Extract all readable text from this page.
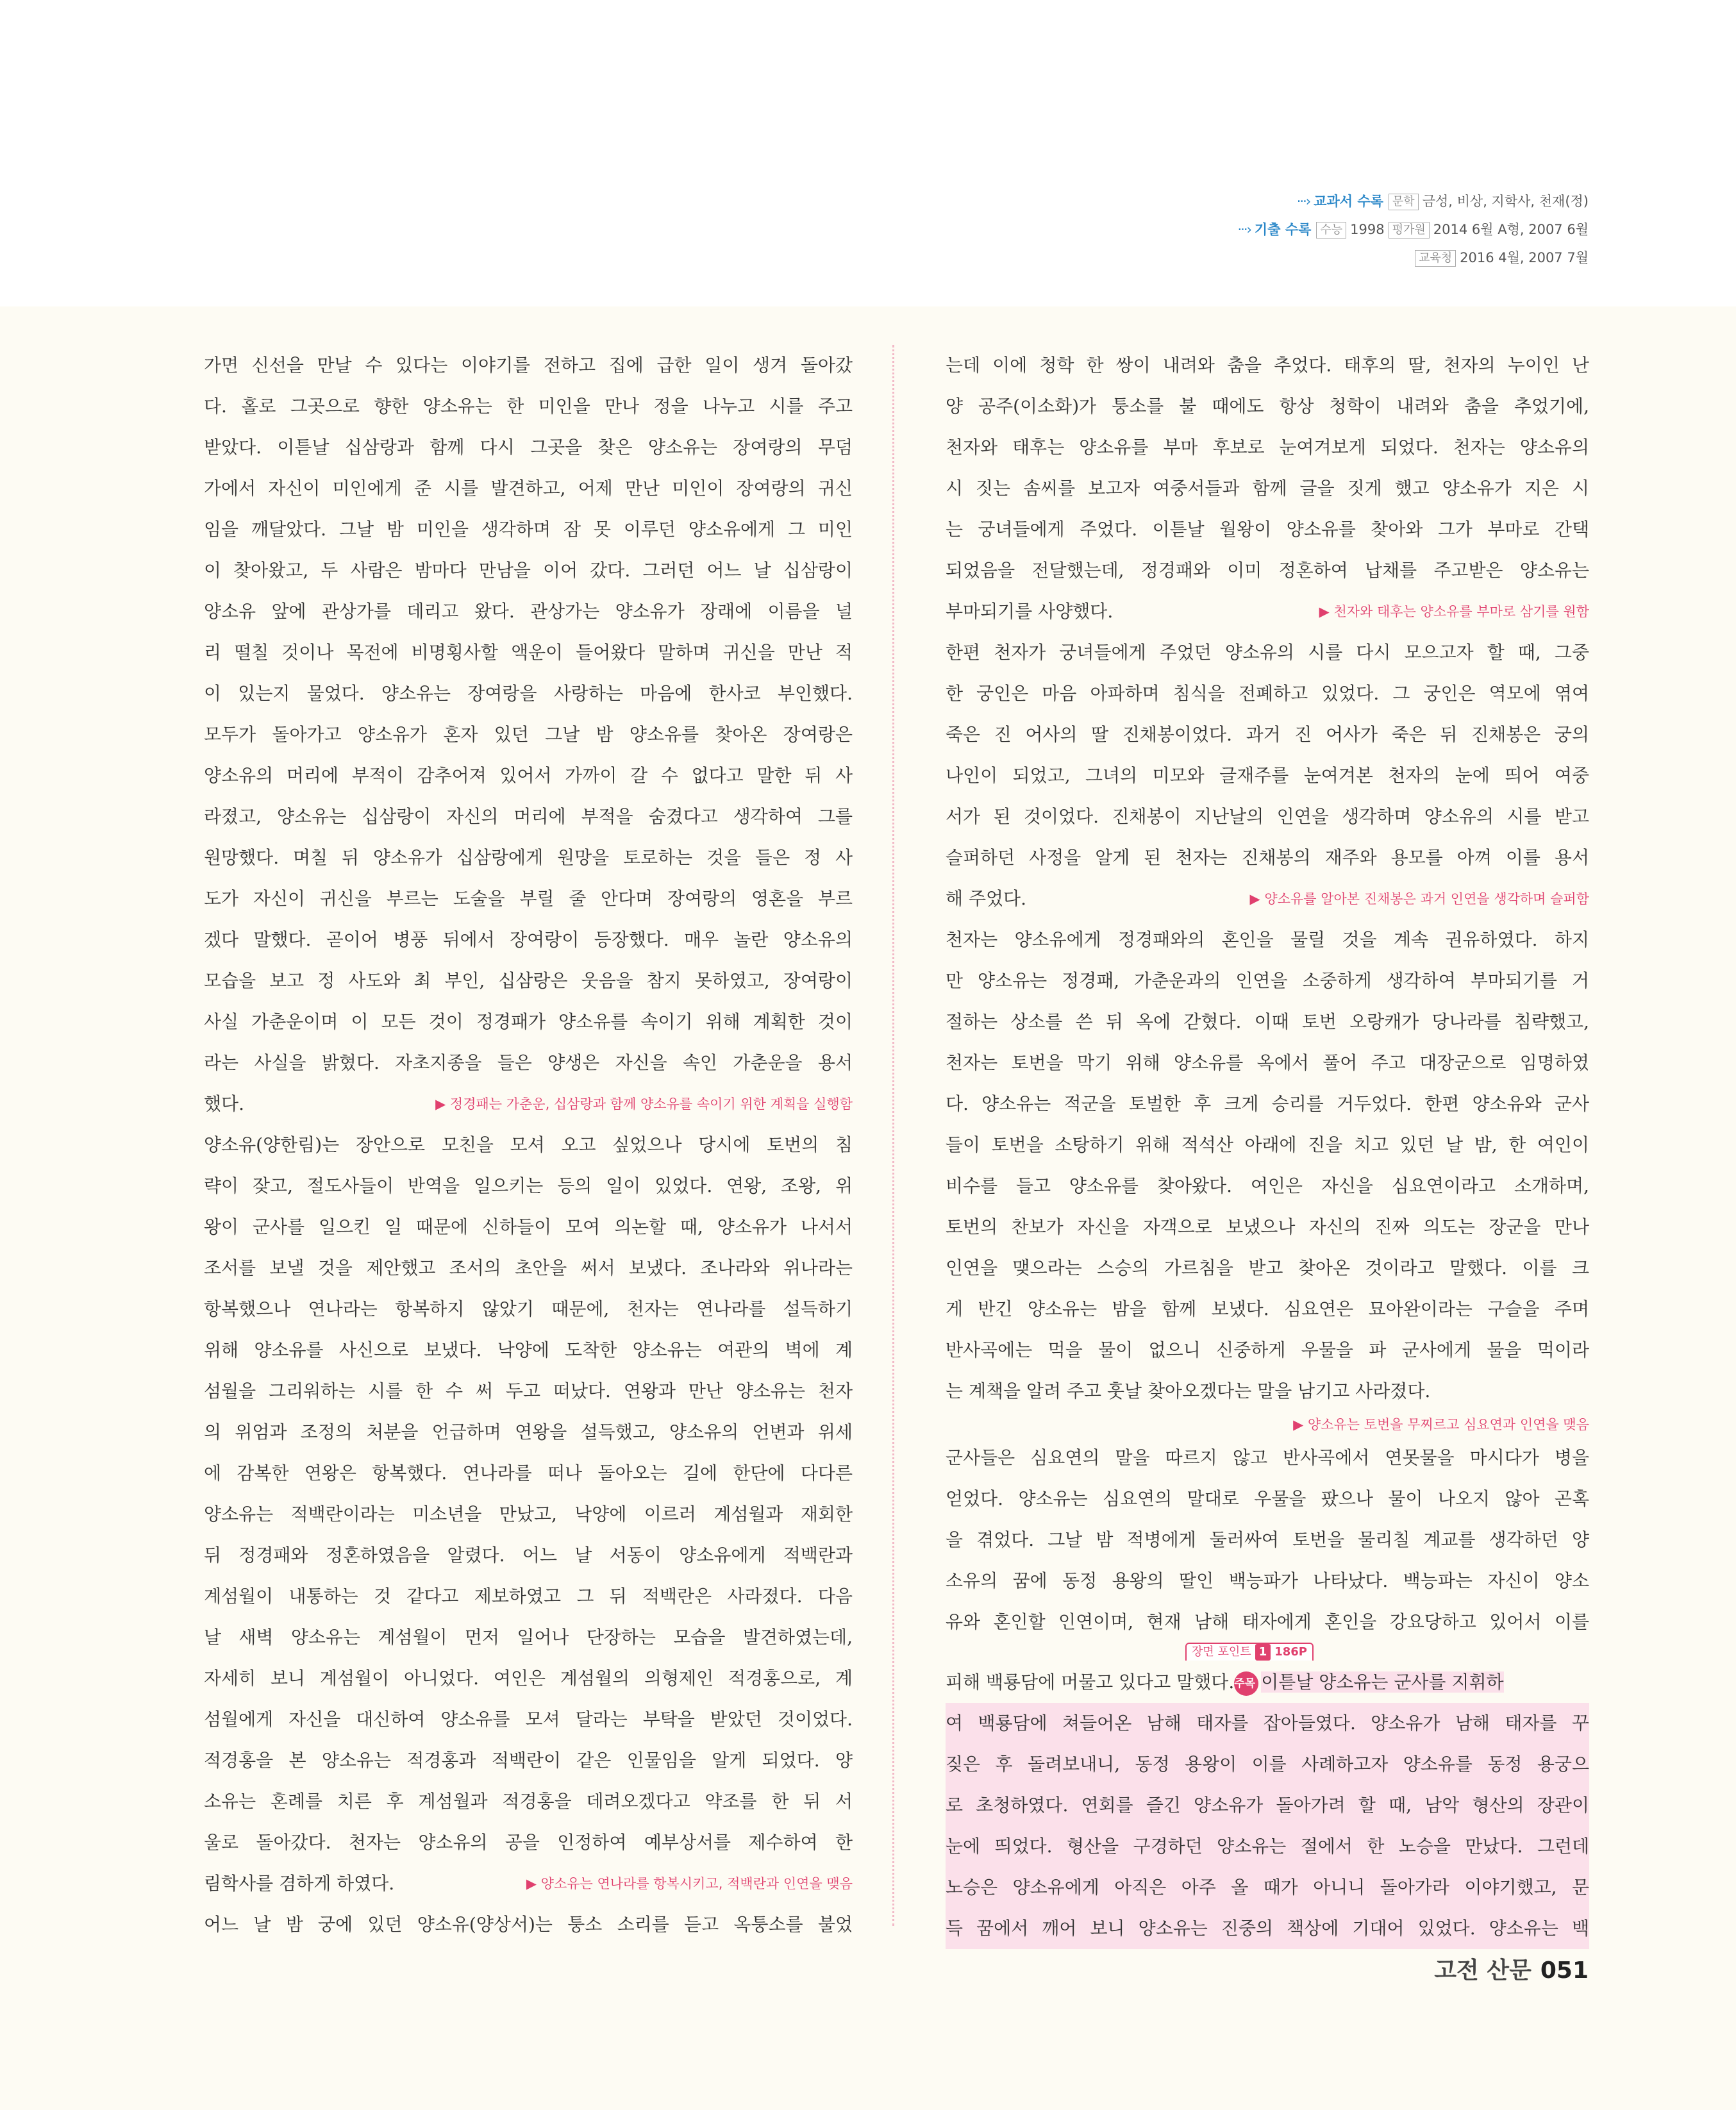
···› 교과서 수록 문학 금성, 비상, 지학사, 천재(정)
···› 기출 수록 수능 1998 평가원 2014 6월 A형, 2007 6월
교육청 2016 4월, 2007 7월
가면 신선을 만날 수 있다는 이야기를 전하고 집에 급한 일이 생겨 돌아갔
다. 홀로 그곳으로 향한 양소유는 한 미인을 만나 정을 나누고 시를 주고
받았다. 이튿날 십삼랑과 함께 다시 그곳을 찾은 양소유는 장여랑의 무덤
가에서 자신이 미인에게 준 시를 발견하고, 어제 만난 미인이 장여랑의 귀신
임을 깨달았다. 그날 밤 미인을 생각하며 잠 못 이루던 양소유에게 그 미인
이 찾아왔고, 두 사람은 밤마다 만남을 이어 갔다. 그러던 어느 날 십삼랑이
양소유 앞에 관상가를 데리고 왔다. 관상가는 양소유가 장래에 이름을 널
리 떨칠 것이나 목전에 비명횡사할 액운이 들어왔다 말하며 귀신을 만난 적
이 있는지 물었다. 양소유는 장여랑을 사랑하는 마음에 한사코 부인했다.
모두가 돌아가고 양소유가 혼자 있던 그날 밤 양소유를 찾아온 장여랑은
양소유의 머리에 부적이 감추어져 있어서 가까이 갈 수 없다고 말한 뒤 사
라졌고, 양소유는 십삼랑이 자신의 머리에 부적을 숨겼다고 생각하여 그를
원망했다. 며칠 뒤 양소유가 십삼랑에게 원망을 토로하는 것을 들은 정 사
도가 자신이 귀신을 부르는 도술을 부릴 줄 안다며 장여랑의 영혼을 부르
겠다 말했다. 곧이어 병풍 뒤에서 장여랑이 등장했다. 매우 놀란 양소유의
모습을 보고 정 사도와 최 부인, 십삼랑은 웃음을 참지 못하였고, 장여랑이
사실 가춘운이며 이 모든 것이 정경패가 양소유를 속이기 위해 계획한 것이
라는 사실을 밝혔다. 자초지종을 들은 양생은 자신을 속인 가춘운을 용서
했다.	▶ 정경패는 가춘운, 십삼랑과 함께 양소유를 속이기 위한 계획을 실행함
양소유(양한림)는 장안으로 모친을 모셔 오고 싶었으나 당시에 토번의 침
략이 잦고, 절도사들이 반역을 일으키는 등의 일이 있었다. 연왕, 조왕, 위
왕이 군사를 일으킨 일 때문에 신하들이 모여 의논할 때, 양소유가 나서서
조서를 보낼 것을 제안했고 조서의 초안을 써서 보냈다. 조나라와 위나라는
항복했으나 연나라는 항복하지 않았기 때문에, 천자는 연나라를 설득하기
위해 양소유를 사신으로 보냈다. 낙양에 도착한 양소유는 여관의 벽에 계
섬월을 그리워하는 시를 한 수 써 두고 떠났다. 연왕과 만난 양소유는 천자
의 위엄과 조정의 처분을 언급하며 연왕을 설득했고, 양소유의 언변과 위세
에 감복한 연왕은 항복했다. 연나라를 떠나 돌아오는 길에 한단에 다다른
양소유는 적백란이라는 미소년을 만났고, 낙양에 이르러 계섬월과 재회한
뒤 정경패와 정혼하였음을 알렸다. 어느 날 서동이 양소유에게 적백란과
계섬월이 내통하는 것 같다고 제보하였고 그 뒤 적백란은 사라졌다. 다음
날 새벽 양소유는 계섬월이 먼저 일어나 단장하는 모습을 발견하였는데,
자세히 보니 계섬월이 아니었다. 여인은 계섬월의 의형제인 적경홍으로, 계
섬월에게 자신을 대신하여 양소유를 모셔 달라는 부탁을 받았던 것이었다.
적경홍을 본 양소유는 적경홍과 적백란이 같은 인물임을 알게 되었다. 양
소유는 혼례를 치른 후 계섬월과 적경홍을 데려오겠다고 약조를 한 뒤 서
울로 돌아갔다. 천자는 양소유의 공을 인정하여 예부상서를 제수하여 한
림학사를 겸하게 하였다.	▶ 양소유는 연나라를 항복시키고, 적백란과 인연을 맺음
어느 날 밤 궁에 있던 양소유(양상서)는 퉁소 소리를 듣고 옥퉁소를 불었
는데 이에 청학 한 쌍이 내려와 춤을 추었다. 태후의 딸, 천자의 누이인 난
양 공주(이소화)가 퉁소를 불 때에도 항상 청학이 내려와 춤을 추었기에,
천자와 태후는 양소유를 부마 후보로 눈여겨보게 되었다. 천자는 양소유의
시 짓는 솜씨를 보고자 여중서들과 함께 글을 짓게 했고 양소유가 지은 시
는 궁녀들에게 주었다. 이튿날 월왕이 양소유를 찾아와 그가 부마로 간택
되었음을 전달했는데, 정경패와 이미 정혼하여 납채를 주고받은 양소유는
부마되기를 사양했다.	▶ 천자와 태후는 양소유를 부마로 삼기를 원함
한편 천자가 궁녀들에게 주었던 양소유의 시를 다시 모으고자 할 때, 그중
한 궁인은 마음 아파하며 침식을 전폐하고 있었다. 그 궁인은 역모에 엮여
죽은 진 어사의 딸 진채봉이었다. 과거 진 어사가 죽은 뒤 진채봉은 궁의
나인이 되었고, 그녀의 미모와 글재주를 눈여겨본 천자의 눈에 띄어 여중
서가 된 것이었다. 진채봉이 지난날의 인연을 생각하며 양소유의 시를 받고
슬퍼하던 사정을 알게 된 천자는 진채봉의 재주와 용모를 아껴 이를 용서
해 주었다.	▶ 양소유를 알아본 진채봉은 과거 인연을 생각하며 슬퍼함
천자는 양소유에게 정경패와의 혼인을 물릴 것을 계속 권유하였다. 하지
만 양소유는 정경패, 가춘운과의 인연을 소중하게 생각하여 부마되기를 거
절하는 상소를 쓴 뒤 옥에 갇혔다. 이때 토번 오랑캐가 당나라를 침략했고,
천자는 토번을 막기 위해 양소유를 옥에서 풀어 주고 대장군으로 임명하였
다. 양소유는 적군을 토벌한 후 크게 승리를 거두었다. 한편 양소유와 군사
들이 토번을 소탕하기 위해 적석산 아래에 진을 치고 있던 날 밤, 한 여인이
비수를 들고 양소유를 찾아왔다. 여인은 자신을 심요연이라고 소개하며,
토번의 찬보가 자신을 자객으로 보냈으나 자신의 진짜 의도는 장군을 만나
인연을 맺으라는 스승의 가르침을 받고 찾아온 것이라고 말했다. 이를 크
게 반긴 양소유는 밤을 함께 보냈다. 심요연은 묘아완이라는 구슬을 주며
반사곡에는 먹을 물이 없으니 신중하게 우물을 파 군사에게 물을 먹이라
는 계책을 알려 주고 훗날 찾아오겠다는 말을 남기고 사라졌다.
▶ 양소유는 토번을 무찌르고 심요연과 인연을 맺음
군사들은 심요연의 말을 따르지 않고 반사곡에서 연못물을 마시다가 병을
얻었다. 양소유는 심요연의 말대로 우물을 팠으나 물이 나오지 않아 곤혹
을 겪었다. 그날 밤 적병에게 둘러싸여 토번을 물리칠 계교를 생각하던 양
소유의 꿈에 동정 용왕의 딸인 백능파가 나타났다. 백능파는 자신이 양소
유와 혼인할 인연이며, 현재 남해 태자에게 혼인을 강요당하고 있어서 이를
장면 포인트 1 186P
피해 백룡담에 머물고 있다고 말했다.주목 이튿날 양소유는 군사를 지휘하
여 백룡담에 쳐들어온 남해 태자를 잡아들였다. 양소유가 남해 태자를 꾸
짖은 후 돌려보내니, 동정 용왕이 이를 사례하고자 양소유를 동정 용궁으
로 초청하였다. 연회를 즐긴 양소유가 돌아가려 할 때, 남악 형산의 장관이
눈에 띄었다. 형산을 구경하던 양소유는 절에서 한 노승을 만났다. 그런데
노승은 양소유에게 아직은 아주 올 때가 아니니 돌아가라 이야기했고, 문
득 꿈에서 깨어 보니 양소유는 진중의 책상에 기대어 있었다. 양소유는 백
고전 산문 051
